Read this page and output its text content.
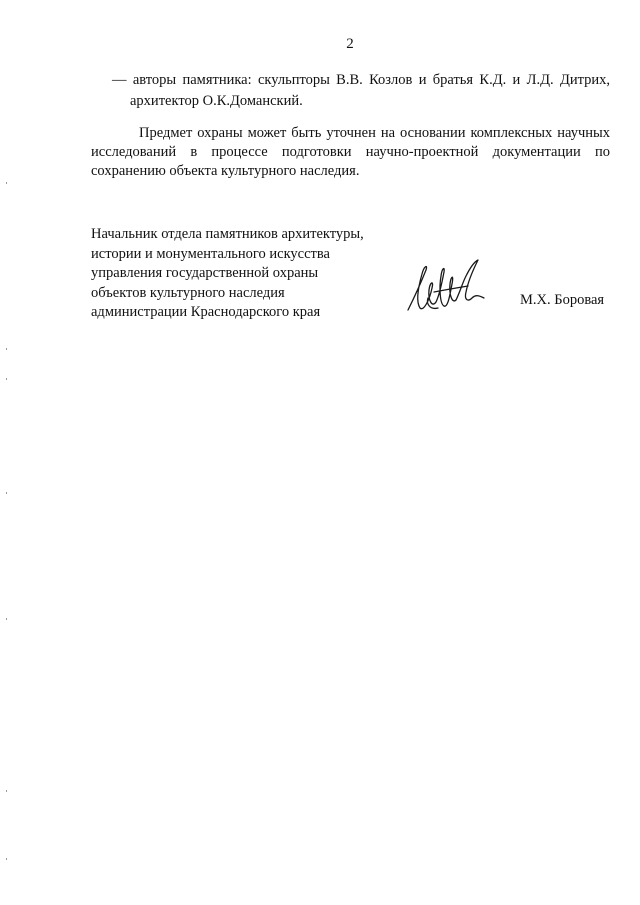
2
— авторы памятника: скульпторы В.В. Козлов и братья К.Д. и Л.Д. Дитрих,
архитектор О.К.Доманский.

Предмет охраны может быть уточнен на основании комплексных научных исследований в процессе подготовки научно-проектной документации по сохранению объекта культурного наследия.

Начальник отдела памятников архитектуры,
истории и монументального искусства
управления государственной охраны
объектов культурного наследия
администрации Краснодарского края
М.Х. Боровая
